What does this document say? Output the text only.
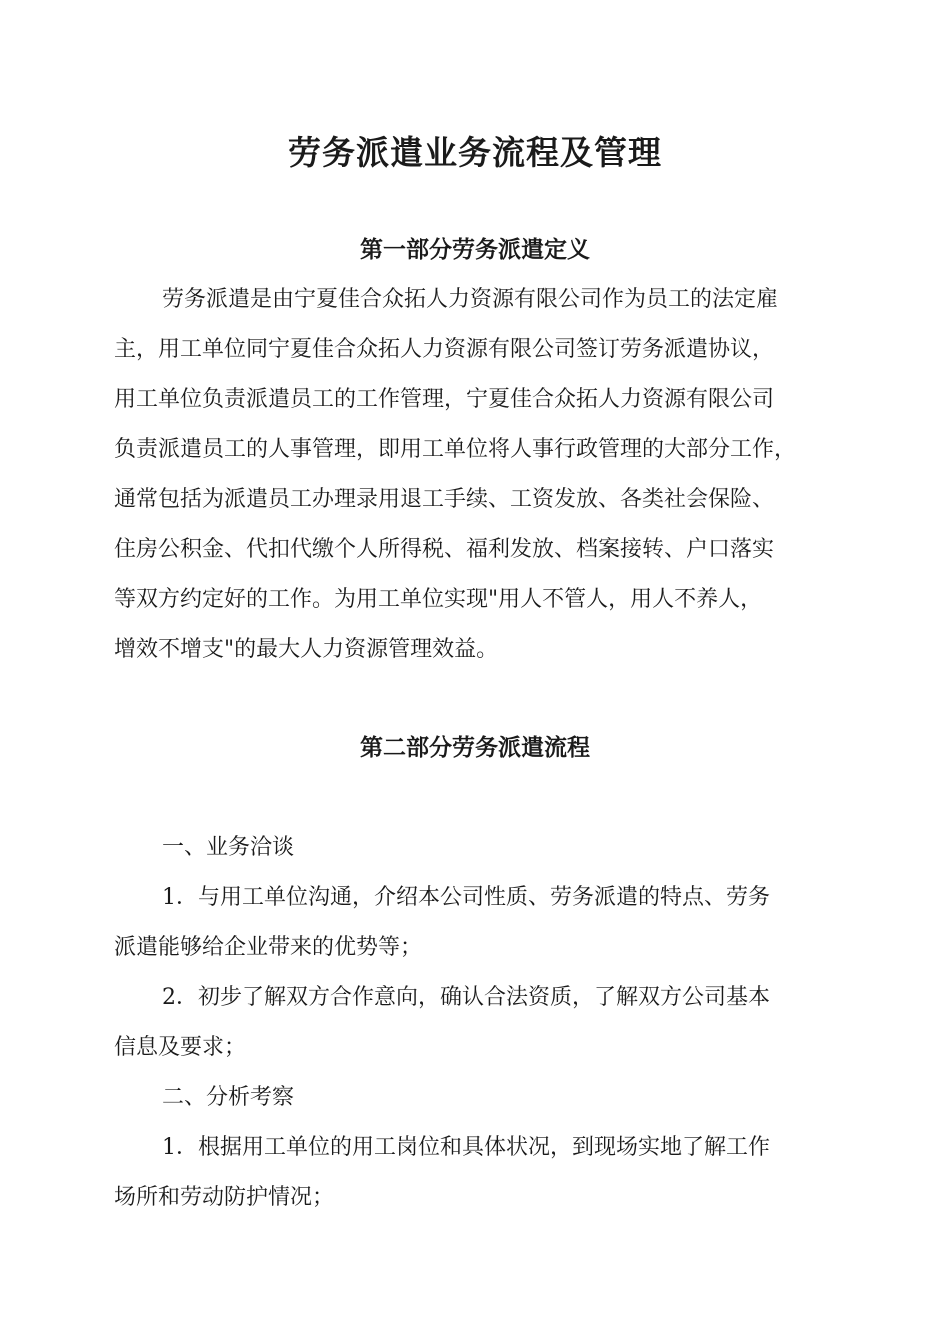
劳务派遣业务流程及管理
第一部分劳务派遣定义
劳务派遣是由宁夏佳合众拓人力资源有限公司作为员工的法定雇
主，用工单位同宁夏佳合众拓人力资源有限公司签订劳务派遣协议，
用工单位负责派遣员工的工作管理，宁夏佳合众拓人力资源有限公司
负责派遣员工的人事管理，即用工单位将人事行政管理的大部分工作，
通常包括为派遣员工办理录用退工手续、工资发放、各类社会保险、
住房公积金、代扣代缴个人所得税、福利发放、档案接转、户口落实
等双方约定好的工作。为用工单位实现"用人不管人，用人不养人，
增效不增支"的最大人力资源管理效益。
第二部分劳务派遣流程
一、业务洽谈
1．与用工单位沟通，介绍本公司性质、劳务派遣的特点、劳务
派遣能够给企业带来的优势等；
2．初步了解双方合作意向，确认合法资质，了解双方公司基本
信息及要求；
二、分析考察
1．根据用工单位的用工岗位和具体状况，到现场实地了解工作
场所和劳动防护情况；
